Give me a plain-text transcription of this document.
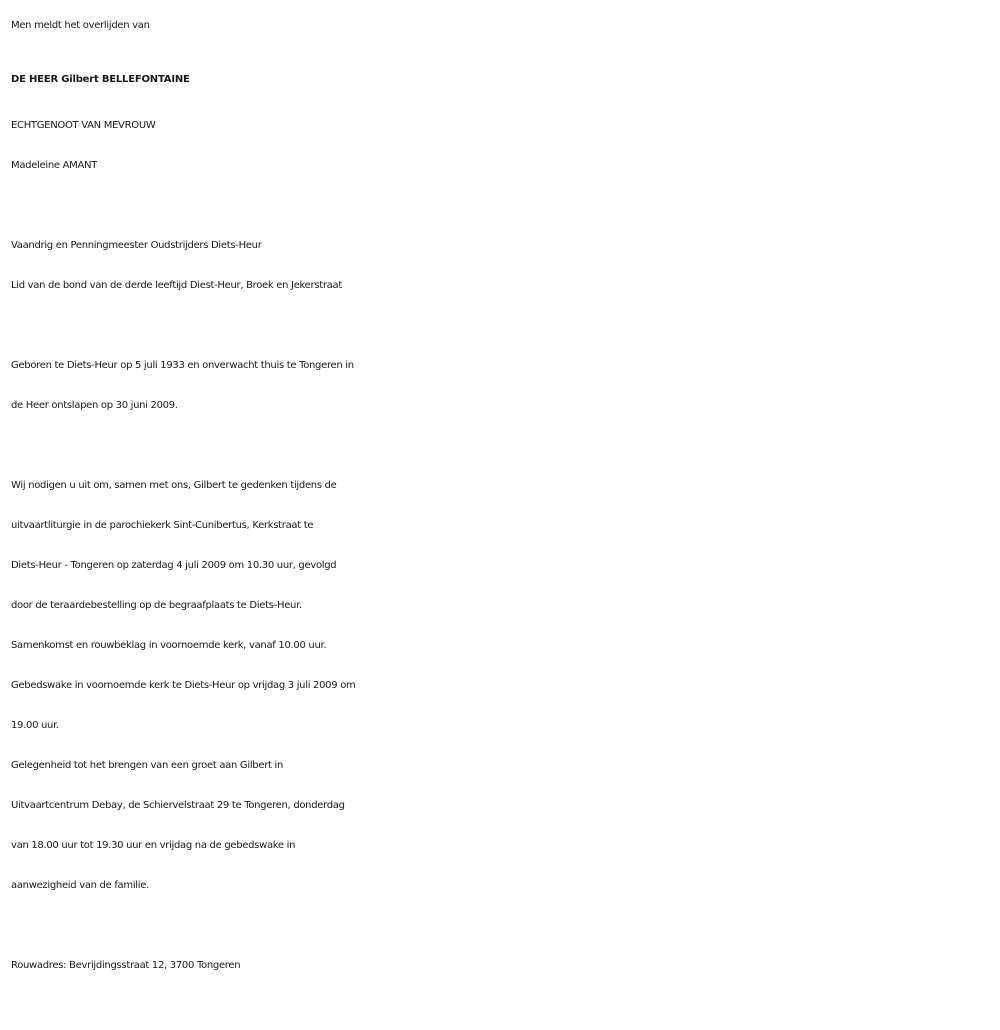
Men meldt het overlijden van
DE HEER Gilbert BELLEFONTAINE
ECHTGENOOT VAN MEVROUW
Madeleine AMANT
Vaandrig en Penningmeester Oudstrijders Diets-Heur
Lid van de bond van de derde leeftijd Diest-Heur, Broek en Jekerstraat
Geboren te Diets-Heur op 5 juli 1933 en onverwacht thuis te Tongeren in
de Heer ontslapen op 30 juni 2009.
Wij nodigen u uit om, samen met ons, Gilbert te gedenken tijdens de
uitvaartliturgie in de parochiekerk Sint-Cunibertus, Kerkstraat te
Diets-Heur - Tongeren op zaterdag 4 juli 2009 om 10.30 uur, gevolgd
door de teraardebestelling op de begraafplaats te Diets-Heur.
Samenkomst en rouwbeklag in voornoemde kerk, vanaf 10.00 uur.
Gebedswake in voornoemde kerk te Diets-Heur op vrijdag 3 juli 2009 om
19.00 uur.
Gelegenheid tot het brengen van een groet aan Gilbert in
Uitvaartcentrum Debay, de Schiervelstraat 29 te Tongeren, donderdag
van 18.00 uur tot 19.30 uur en vrijdag na de gebedswake in
aanwezigheid van de familie.
Rouwadres: Bevrijdingsstraat 12, 3700 Tongeren
